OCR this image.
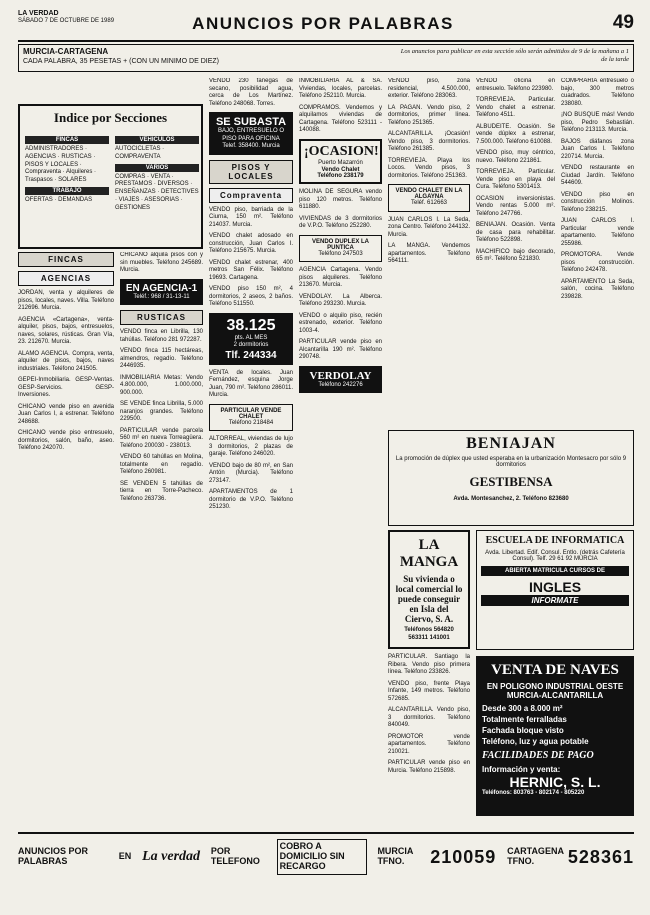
LA VERDAD
SÁBADO 7 DE OCTUBRE DE 1989	ANUNCIOS POR PALABRAS	49
MURCIA-CARTAGENA
CADA PALABRA, 35 PESETAS + (CON UN MINIMO DE DIEZ)
Los anuncios para publicar en esta sección sólo serán admitidos de 9 de la mañana a 1 de la tarde
Indice por Secciones
FINCAS
ADMINISTRADORES · AGENCIAS · RUSTICAS · PISOS Y LOCALES · Compraventa · Alquileres · Traspasos · SOLARES
TRABAJO
OFERTAS · DEMANDAS
VEHICULOS
AUTOCICLETAS · COMPRAVENTA
VARIOS
COMPRAS · VENTA · PRESTAMOS · DIVERSOS · ENSEÑANZAS · DETECTIVES · VIAJES · ASESORIAS · GESTIONES
FINCAS
AGENCIAS

JORDAN, venta y alquileres de pisos, locales, naves. Villa. Teléfono 212696. Murcia.

AGENCIA «Cartagena», venta-alquiler, pisos, bajos, entresuelos, naves, solares, rústicas. Gran Vía, 23. 212670. Murcia.

ALAMO AGENCIA. Compra, venta, alquiler de pisos, bajos, naves industriales. Teléfono 241505.

GEPEI-Inmobiliaria. GESP-Ventas. GESP-Servicios. GESP-Inversiones.

CHICANO vende piso en avenida Juan Carlos I, a estrenar. Teléfono 248688.

CHICANO vende piso entresuelo, dormitorios, salón, baño, aseo. Teléfono 242070.

CHICANO alquila pisos con y sin muebles. Teléfono 245689. Murcia.

EN AGENCIA-1
Teléf.: 968 / 31-13-11
RUSTICAS

VENDO finca en Librilla, 130 tahúllas. Teléfono 281 972287.

VENDO finca 115 hectáreas, almendros, regadío. Teléfono 2446935.

INMOBILIARIA Metas: Vendo 4.800.000, 1.000.000, 900.000.

SE VENDE finca Librilla, 5.000 naranjos grandes. Teléfono 229500.

PARTICULAR vende parcela 560 m² en nueva Torreagüera. Teléfono 200030 - 238013.

VENDO 60 tahúllas en Molina, totalmente en regadío. Teléfono 260981.

SE VENDEN 5 tahúllas de tierra en Torre-Pacheco. Teléfono 263736.

VENDO 230 fanegas de secano, posibilidad agua, cerca de Los Martínez. Teléfono 248068. Torres.

SE SUBASTA
BAJO, ENTRESUELO O PISO PARA OFICINA
Telef. 358400. Murcia
PISOS Y LOCALES
Compraventa

VENDO piso, barriada de la Ciurna, 150 m². Teléfono 214037. Murcia.

VENDO chalet adosado en construcción, Juan Carlos I. Teléfono 215675. Murcia.

VENDO chalet estrenar, 400 metros San Félix. Teléfono 19693. Cartagena.

VENDO piso 150 m², 4 dormitorios, 2 aseos, 2 baños. Teléfono 511550.

38.125
pts. AL MES
2 dormitorios
Tlf. 244334

VENTA de locales. Juan Fernández, esquina Jorge Juan, 790 m². Teléfono 286011. Murcia.

PARTICULAR VENDE CHALET
Teléfono 218484

ALTORREAL, viviendas de lujo 3 dormitorios, 2 plazas de garaje. Teléfono 246020.

VENDO bajo de 80 m², en San Antón (Murcia). Teléfono 273147.

APARTAMENTOS de 1 dormitorio de V.P.O. Teléfono 251230.

INMOBILIARIA AL & SA. Viviendas, locales, parcelas. Teléfono 252110. Murcia.

COMPRAMOS. Vendemos y alquilamos viviendas de Cartagena. Teléfono 523111 - 140088.

¡OCASION!
Puerto Mazarrón
Vendo Chalet
Teléfono 238179

MOLINA DE SEGURA vendo piso 120 metros. Teléfono 611880.

VIVIENDAS de 3 dormitorios de V.P.O. Teléfono 252280.

VENDO DUPLEX LA PUNTICA
Teléfono 247503

AGENCIA Cartagena. Vendo pisos alquileres. Teléfono 213670. Murcia.

VENDOLAY. La Alberca. Teléfono 293230. Murcia.

VENDO o alquilo piso, recién estrenado, exterior. Teléfono 1003-4.

PARTICULAR vende piso en Alcantarilla 190 m². Teléfono 290748.

VERDOLAY
Teléfono 242276

VENDO piso, zona residencial, 4.500.000, exterior. Teléfono 283063.

LA PAGAN. Vendo piso, 2 dormitorios, primer línea. Teléfono 251365.

ALCANTARILLA. ¡Ocasión! Vendo piso, 3 dormitorios. Teléfono 261385.

TORREVIEJA. Playa los Locos. Vendo pisos, 3 dormitorios. Teléfono 251363.

VENDO CHALET EN LA ALGAYNA
Teléf. 612663

JUAN CARLOS I. La Seda, zona Centro. Teléfono 244132. Murcia.

LA MANGA. Vendemos apartamentos. Teléfono 564111.

VENDO oficina en entresuelo. Teléfono 223980.

TORREVIEJA. Particular. Vendo chalet a estrenar. Teléfono 4511.

ALBUDEITE. Ocasión. Se vende dúplex a estrenar, 7.500.000. Teléfono 610088.

VENDO piso, muy céntrico, nuevo. Teléfono 221861.

TORREVIEJA. Particular. Vende piso en playa del Cura. Teléfono 5301413.

OCASION inversionistas. Vendo rentas 5.000 m². Teléfono 247766.

BENIAJAN. Ocasión. Venta de casa para rehabilitar. Teléfono 522898.

MACHIFICO bajo decorado, 65 m². Teléfono 521830.

COMPRARIA entresuelo o bajo, 300 metros cuadrados. Teléfono 238080.

¡NO BUSQUE más! Vendo piso, Pedro Sebastián. Teléfono 213113. Murcia.

BAJOS diáfanos zona Juan Carlos I. Teléfono 220714. Murcia.

VENDO restaurante en Ciudad Jardín. Teléfono 544609.

VENDO piso en construcción Molinos. Teléfono 238215.

JUAN CARLOS I. Particular vende apartamento. Teléfono 255986.

PROMOTORA. Vende pisos construcción. Teléfono 242478.

APARTAMENTO La Seda, salón, cocina. Teléfono 239828.

BENIAJAN
La promoción de dúplex que usted esperaba en la urbanización Montesacro por sólo 9 dormitorios
GESTIBENSA
Avda. Montesanchez, 2. Teléfono 823680
LA MANGA
Su vivienda o local comercial lo puede conseguir en Isla del Ciervo, S. A.
Teléfonos 564820 563311 141001

PARTICULAR. Santiago la Ribera. Vendo piso primera línea. Teléfono 233826.

VENDO piso, frente Playa Infante, 149 metros. Teléfono 572685.

ALCANTARILLA. Vendo piso, 3 dormitorios. Teléfono 840049.

PROMOTOR vende apartamentos. Teléfono 210021.

PARTICULAR vende piso en Murcia. Teléfono 215898.

ESCUELA DE INFORMATICA
Avda. Libertad. Edif. Consul. Entlo. (detrás Cafetería Consul). Telf. 29 61 92 MURCIA
ABIERTA MATRICULA CURSOS DE
INGLES
INFORMATE
VENTA DE NAVES
EN POLIGONO INDUSTRIAL OESTE MURCIA-ALCANTARILLA
Desde 300 a 8.000 m²
Totalmente ferralladas
Fachada bloque visto
Teléfono, luz y agua potable
FACILIDADES DE PAGO
Información y venta:
HERNIC, S. L.
Teléfonos: 803763 - 802174 - 805220
ANUNCIOS POR PALABRAS	EN La verdad POR TELEFONO
COBRO A DOMICILIO SIN RECARGO
MURCIA TFNO.	210059 CARTAGENA TFNO.	528361
